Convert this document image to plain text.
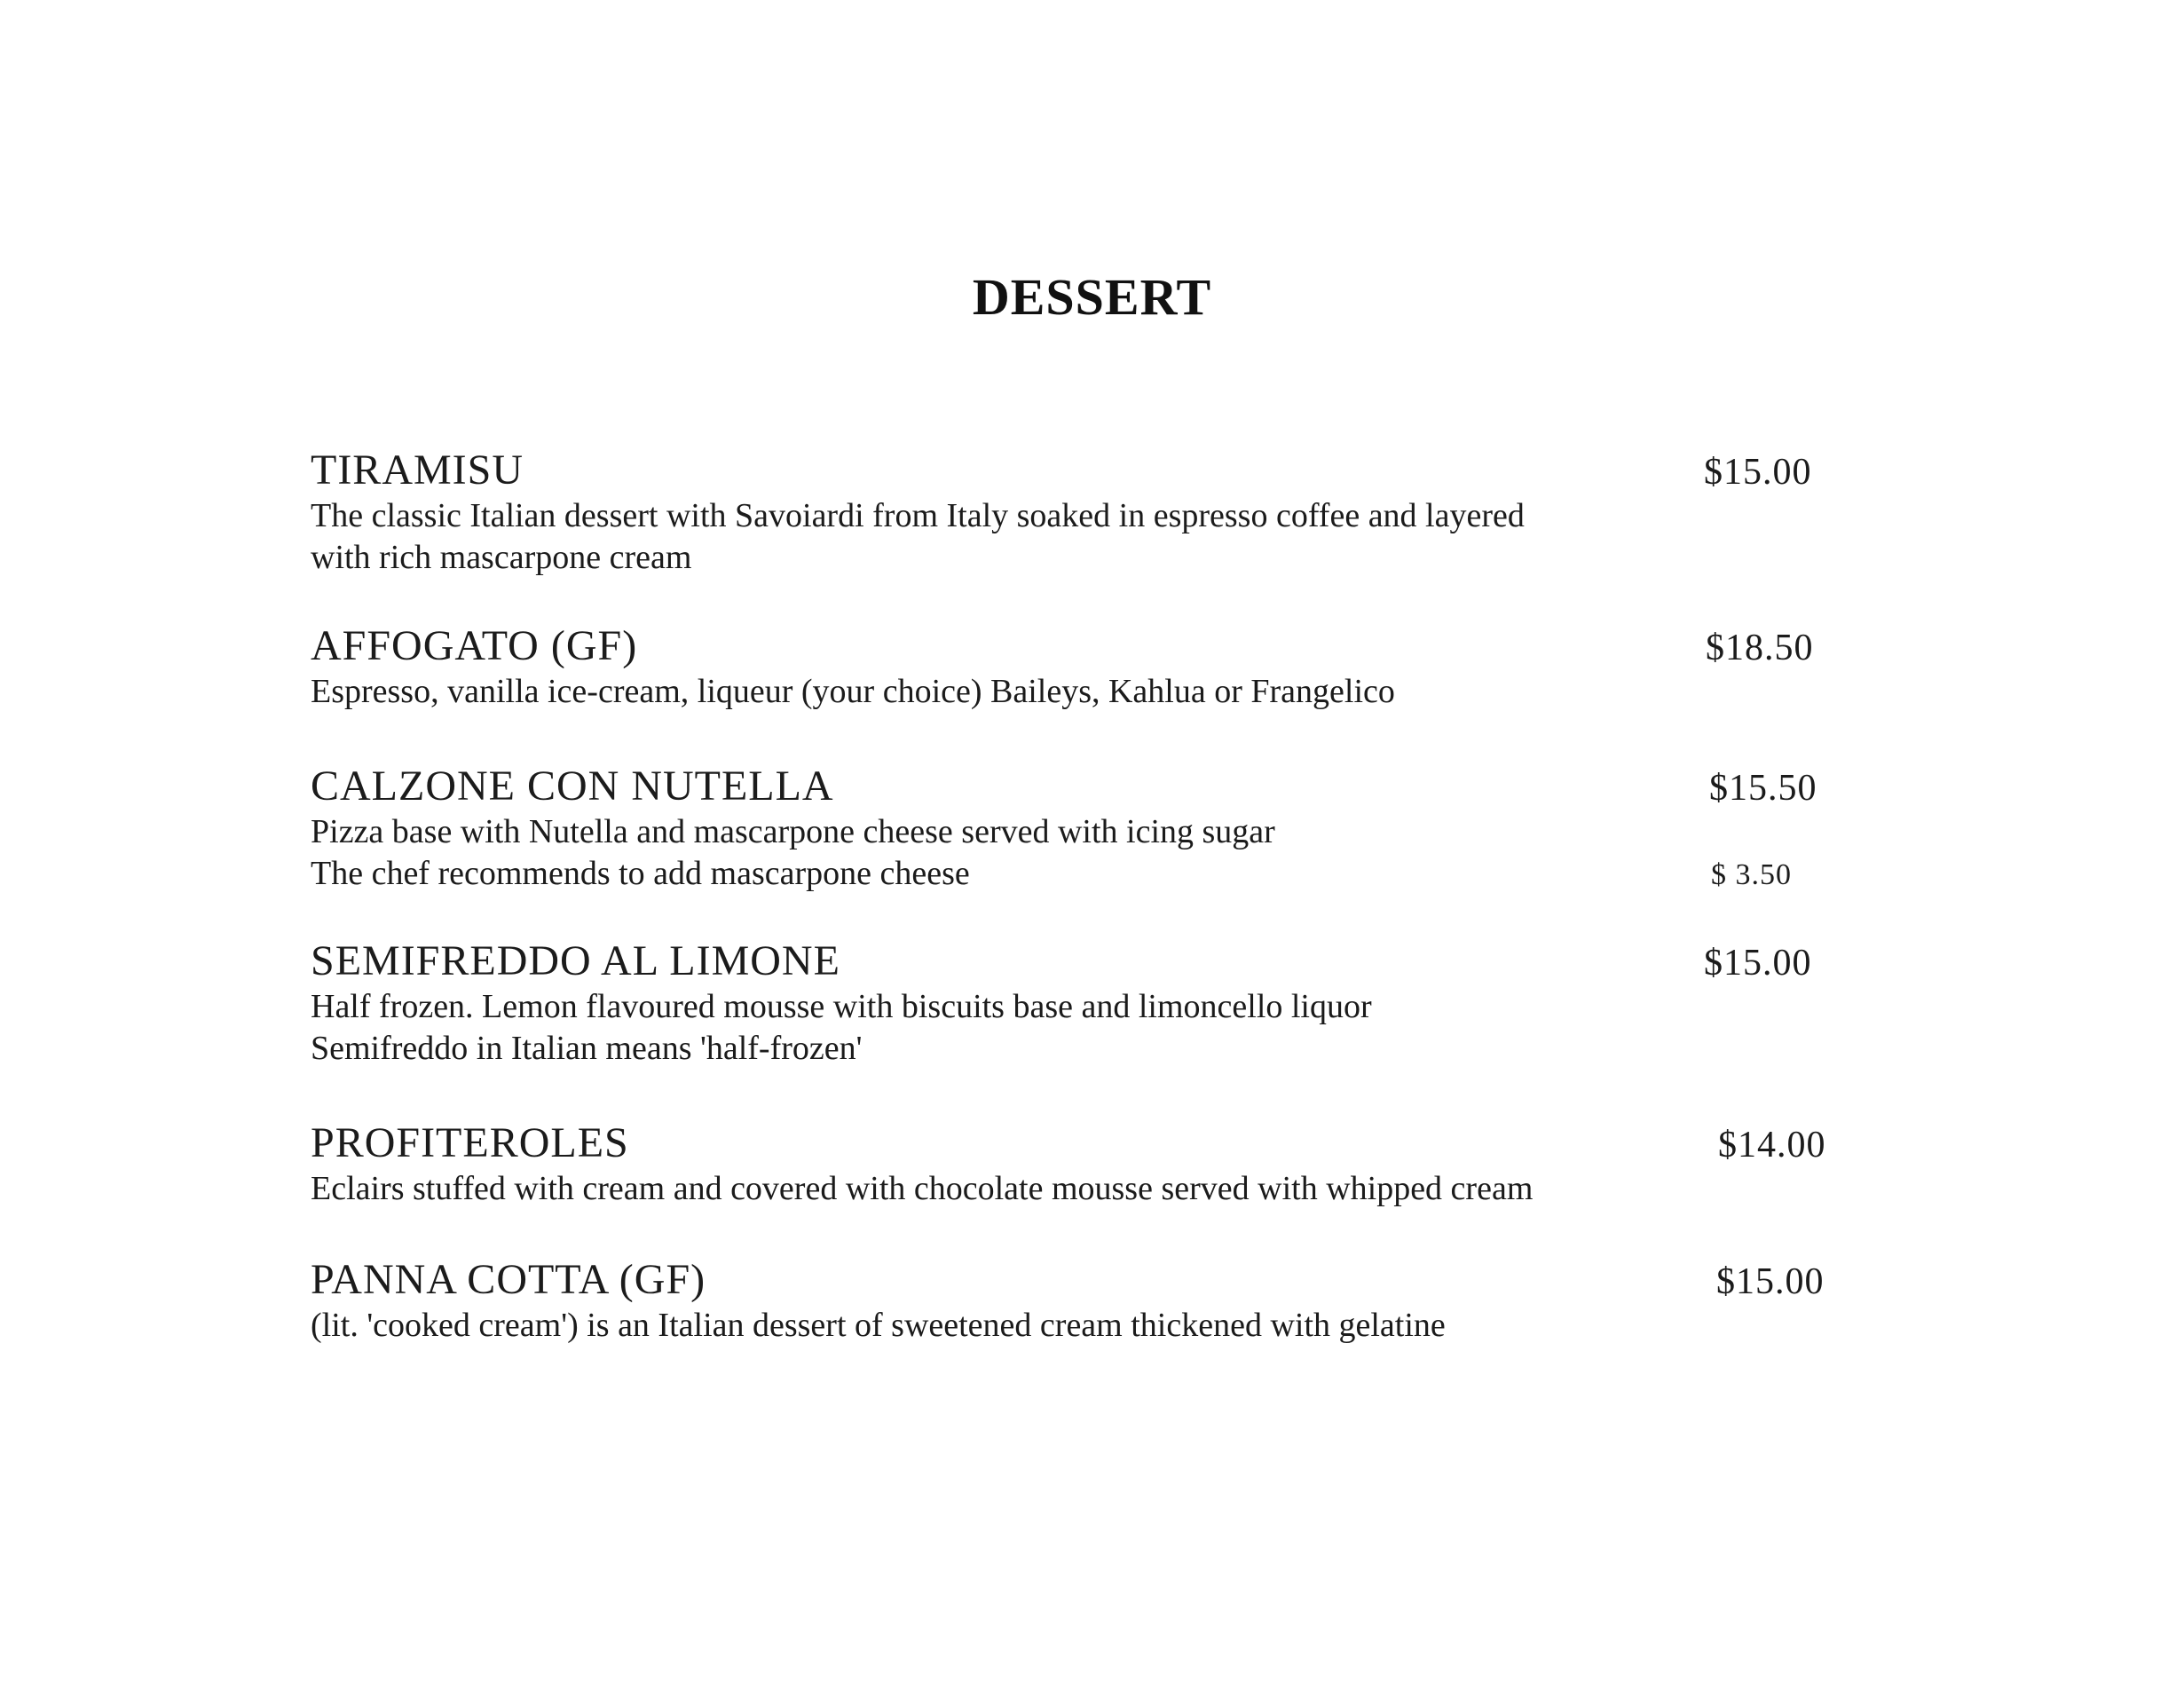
DESSERT
TIRAMISU	$15.00
The classic Italian dessert with Savoiardi from Italy soaked in espresso coffee and layered
with rich mascarpone cream
AFFOGATO (GF)	$18.50
Espresso, vanilla ice-cream, liqueur (your choice) Baileys, Kahlua or Frangelico
CALZONE CON NUTELLA	$15.50
Pizza base with Nutella and mascarpone cheese served with icing sugar
The chef recommends to add mascarpone cheese	$ 3.50
SEMIFREDDO AL LIMONE	$15.00
Half frozen. Lemon flavoured mousse with biscuits base and limoncello liquor
Semifreddo in Italian means 'half-frozen'
PROFITEROLES	$14.00
Eclairs stuffed with cream and covered with chocolate mousse served with whipped cream
PANNA COTTA (GF)	$15.00
(lit. 'cooked cream') is an Italian dessert of sweetened cream thickened with gelatine
